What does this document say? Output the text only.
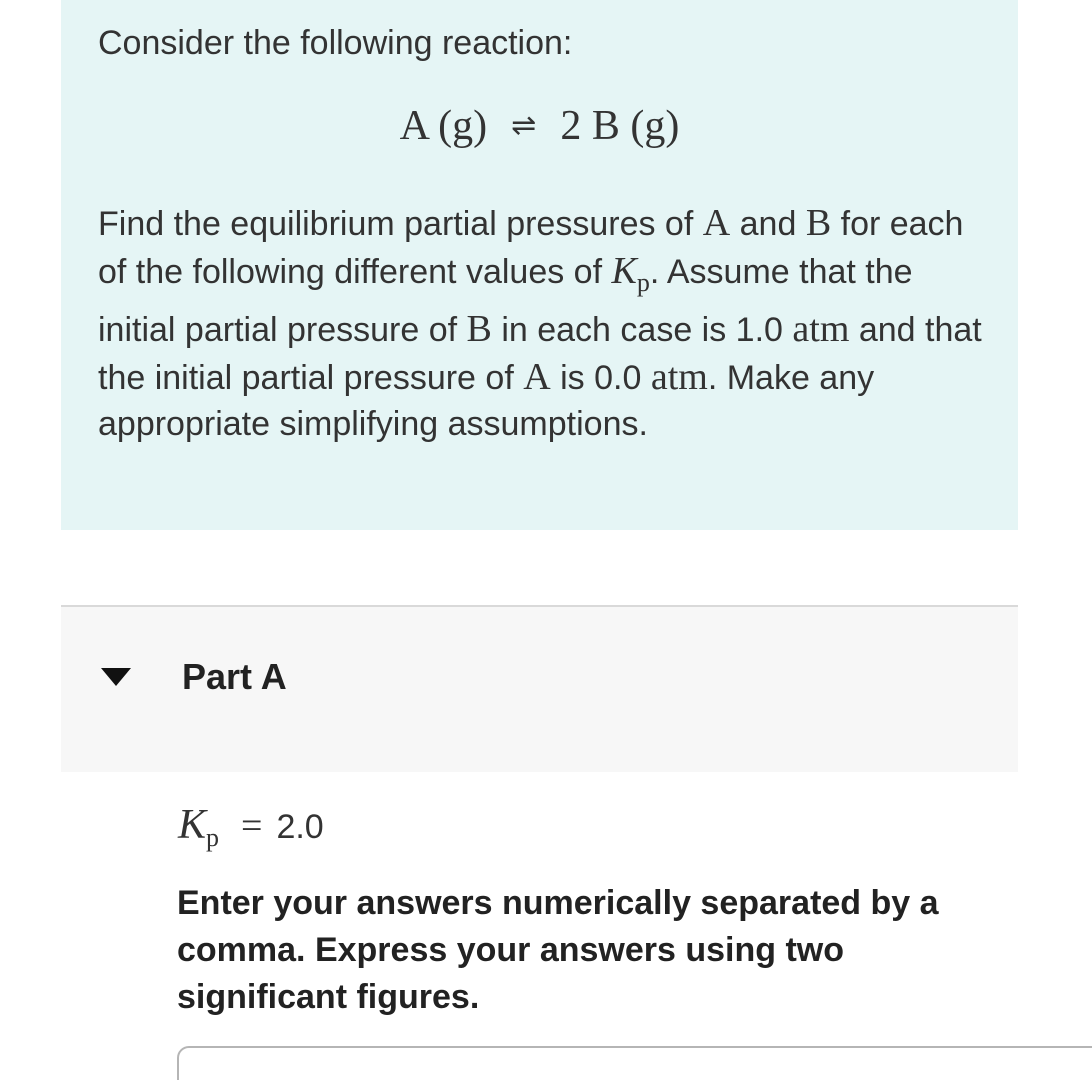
Consider the following reaction:

A (g) ⇌ 2 B (g)

Find the equilibrium partial pressures of A and B for each of the following different values of $K_p$. Assume that the initial partial pressure of B in each case is 1.0 atm and that the initial partial pressure of A is 0.0 atm. Make any appropriate simplifying assumptions.

Part A
$K_p = 2.0$

Enter your answers numerically separated by a comma. Express your answers using two significant figures.
